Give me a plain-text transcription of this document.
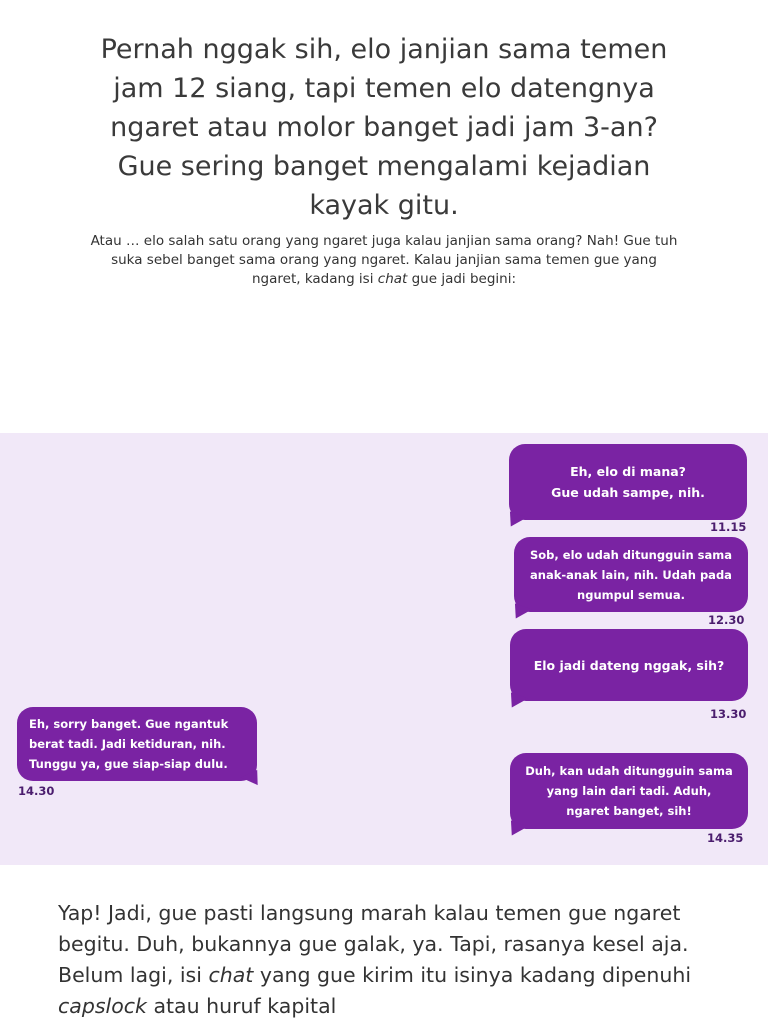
Pernah nggak sih, elo janjian sama temen jam 12 siang, tapi temen elo datengnya ngaret atau molor banget jadi jam 3-an? Gue sering banget mengalami kejadian kayak gitu.
Atau … elo salah satu orang yang ngaret juga kalau janjian sama orang? Nah! Gue tuh suka sebel banget sama orang yang ngaret. Kalau janjian sama temen gue yang ngaret, kadang isi chat gue jadi begini:
Eh, elo di mana?
Gue udah sampe, nih.
11.15
Sob, elo udah ditungguin sama anak-anak lain, nih. Udah pada ngumpul semua.
12.30
Elo jadi dateng nggak, sih?
13.30
Eh, sorry banget. Gue ngantuk berat tadi. Jadi ketiduran, nih. Tunggu ya, gue siap-siap dulu.
14.30
Duh, kan udah ditungguin sama yang lain dari tadi. Aduh, ngaret banget, sih!
14.35
Yap! Jadi, gue pasti langsung marah kalau temen gue ngaret begitu. Duh, bukannya gue galak, ya. Tapi, rasanya kesel aja. Belum lagi, isi chat yang gue kirim itu isinya kadang dipenuhi capslock atau huruf kapital
